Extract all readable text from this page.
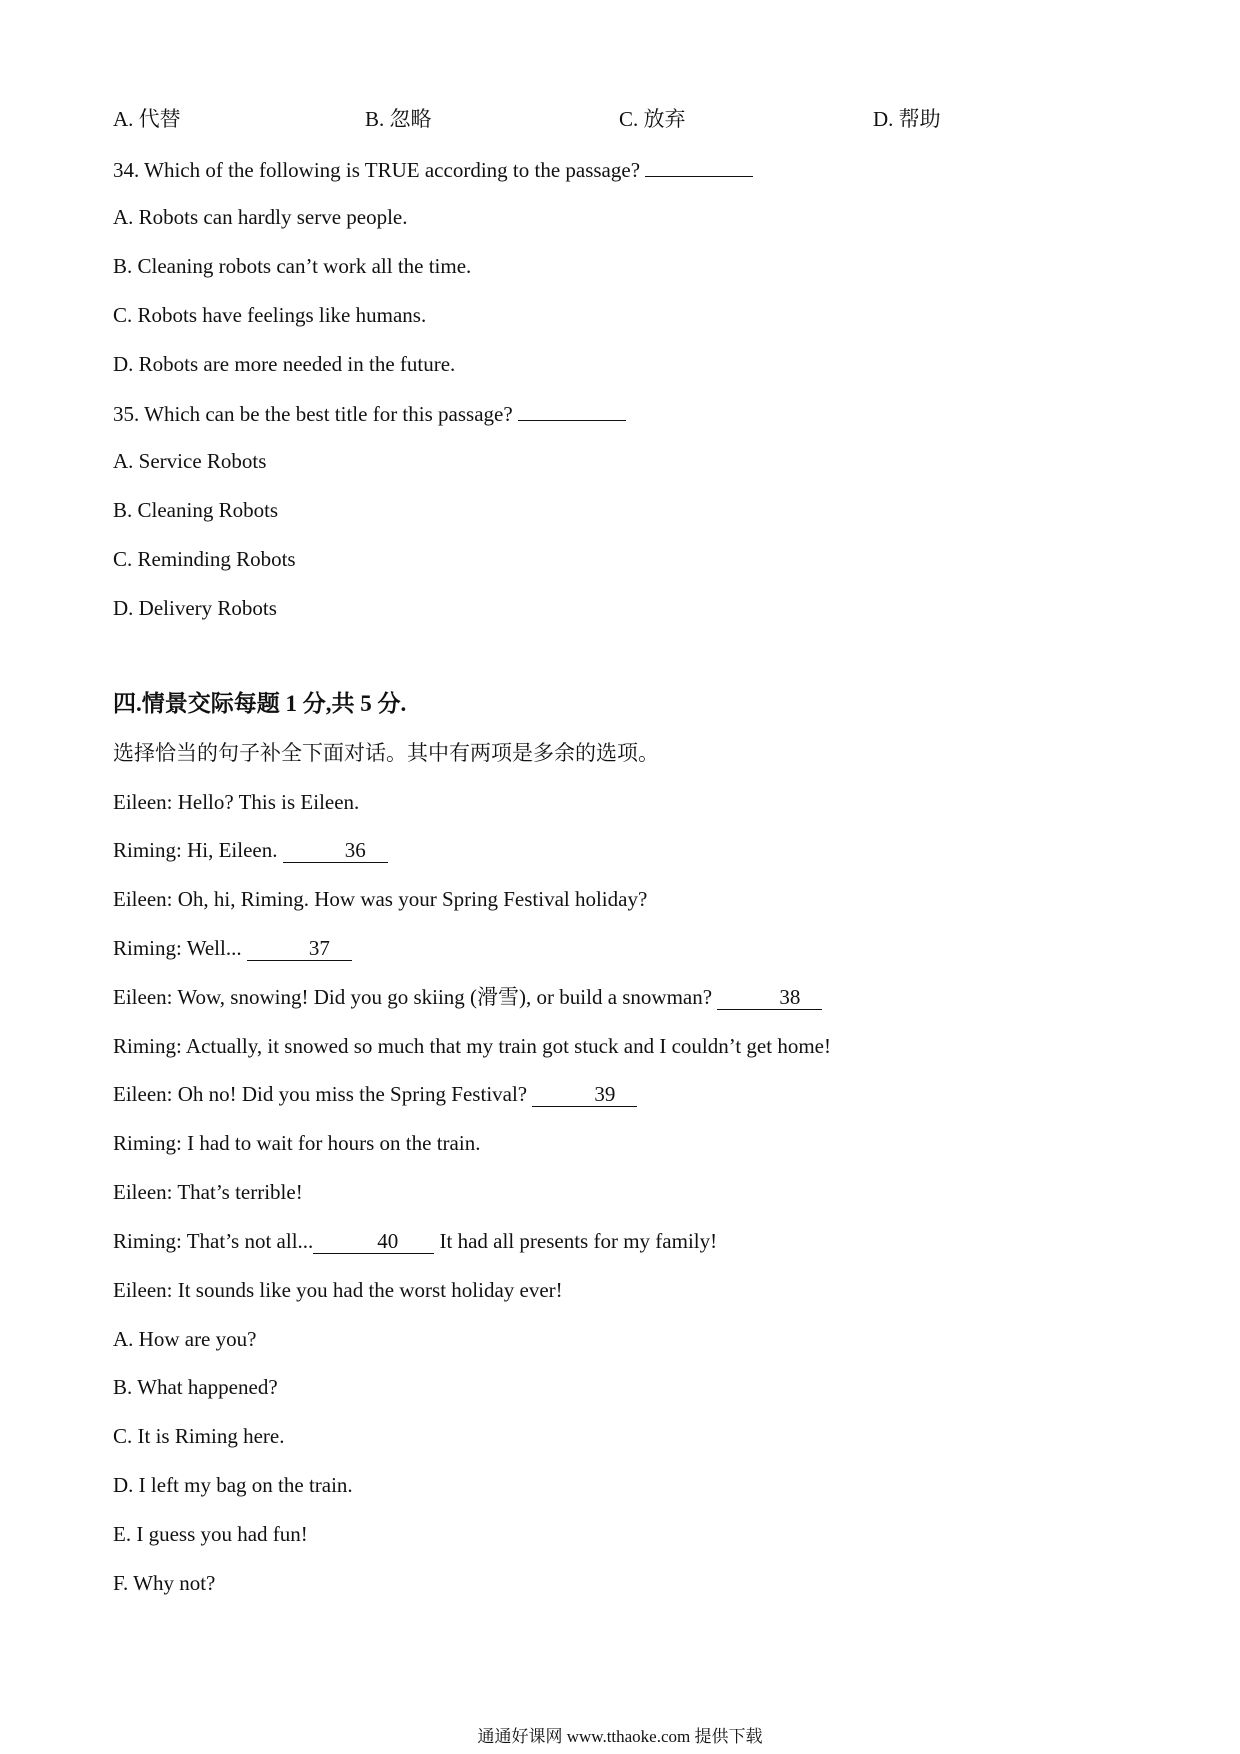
A. 代替	B. 忽略	C. 放弃	D. 帮助
34. Which of the following is TRUE according to the passage?
A. Robots can hardly serve people.
B. Cleaning robots can’t work all the time.
C. Robots have feelings like humans.
D. Robots are more needed in the future.
35. Which can be the best title for this passage?
A. Service Robots
B. Cleaning Robots
C. Reminding Robots
D. Delivery Robots
四.情景交际每题 1 分,共 5 分.
选择恰当的句子补全下面对话。其中有两项是多余的选项。
Eileen: Hello? This is Eileen.
Riming: Hi, Eileen.	36
Eileen: Oh, hi, Riming. How was your Spring Festival holiday?
Riming: Well...	37
Eileen: Wow, snowing! Did you go skiing (滑雪), or build a snowman?	38
Riming: Actually, it snowed so much that my train got stuck and I couldn’t get home!
Eileen: Oh no! Did you miss the Spring Festival?	39
Riming: I had to wait for hours on the train.
Eileen: That’s terrible!
Riming: That’s not all...	40 It had all presents for my family!
Eileen: It sounds like you had the worst holiday ever!
A. How are you?
B. What happened?
C. It is Riming here.
D. I left my bag on the train.
E. I guess you had fun!
F. Why not?
通通好课网 www.tthaoke.com 提供下载
